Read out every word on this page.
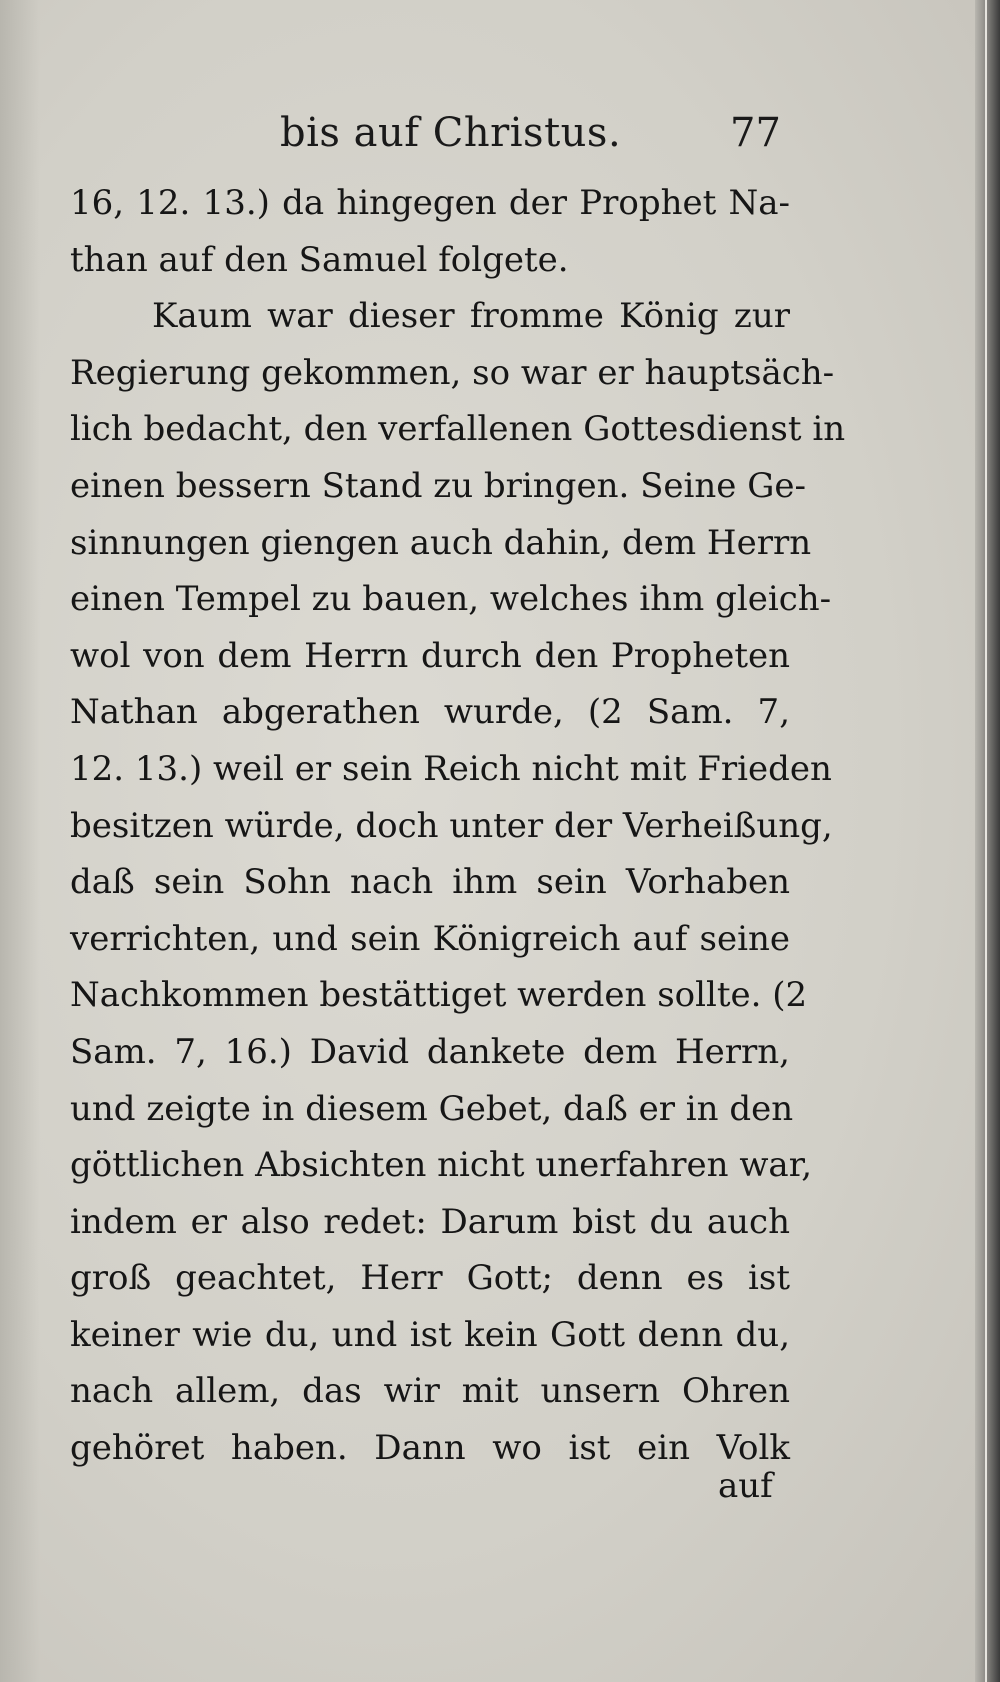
bis auf Christus.	77
16, 12. 13.) da hingegen der Prophet Na-
than auf den Samuel folgete.
Kaum war dieser fromme König zur
Regierung gekommen, so war er hauptsäch-
lich bedacht, den verfallenen Gottesdienst in
einen bessern Stand zu bringen. Seine Ge-
sinnungen giengen auch dahin, dem Herrn
einen Tempel zu bauen, welches ihm gleich-
wol von dem Herrn durch den Propheten
Nathan abgerathen wurde, (2 Sam. 7,
12. 13.) weil er sein Reich nicht mit Frieden
besitzen würde, doch unter der Verheißung,
daß sein Sohn nach ihm sein Vorhaben
verrichten, und sein Königreich auf seine
Nachkommen bestättiget werden sollte. (2
Sam. 7, 16.) David dankete dem Herrn,
und zeigte in diesem Gebet, daß er in den
göttlichen Absichten nicht unerfahren war,
indem er also redet: Darum bist du auch
groß geachtet, Herr Gott; denn es ist
keiner wie du, und ist kein Gott denn du,
nach allem, das wir mit unsern Ohren
gehöret haben. Dann wo ist ein Volk
auf
